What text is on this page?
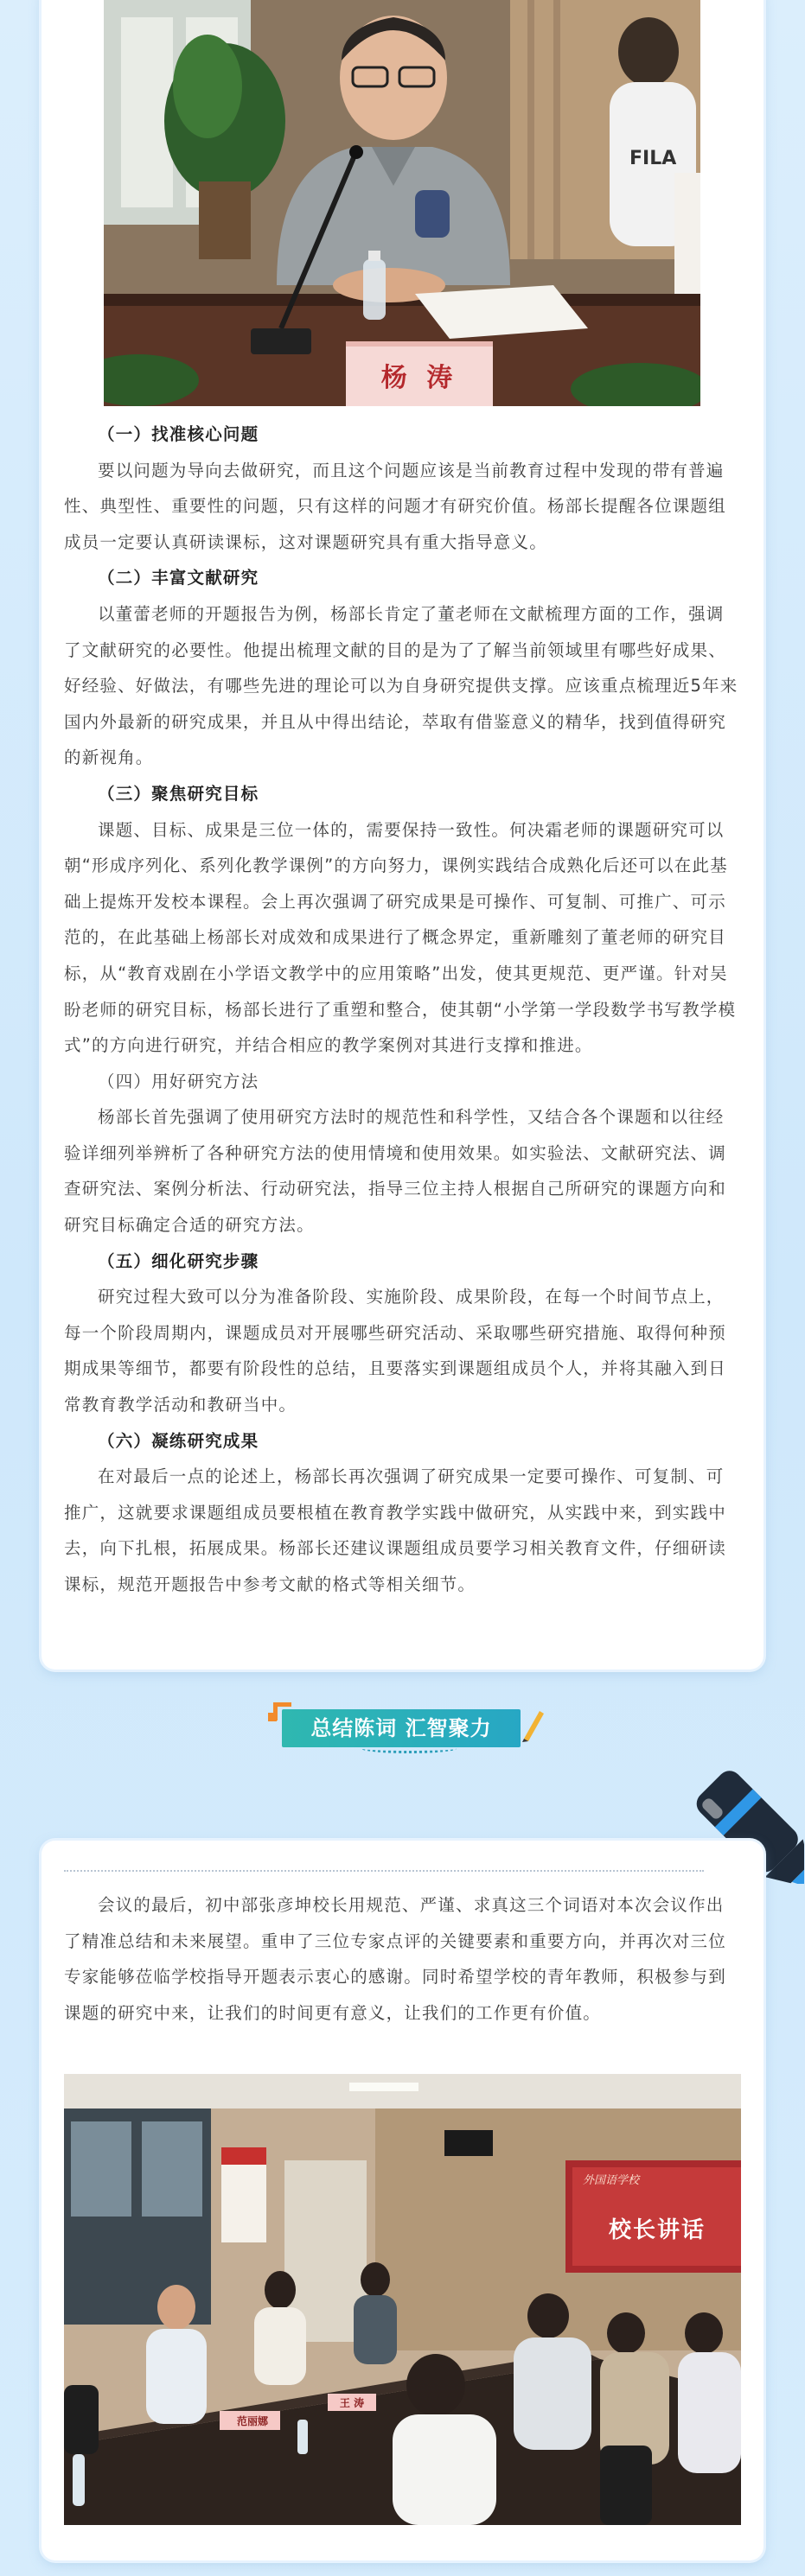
FILA
杨 涛

（一）找准核心问题

要以问题为导向去做研究，而且这个问题应该是当前教育过程中发现的带有普遍性、典型性、重要性的问题，只有这样的问题才有研究价值。杨部长提醒各位课题组成员一定要认真研读课标，这对课题研究具有重大指导意义。

（二）丰富文献研究

以董蕾老师的开题报告为例，杨部长肯定了董老师在文献梳理方面的工作，强调了文献研究的必要性。他提出梳理文献的目的是为了了解当前领域里有哪些好成果、好经验、好做法，有哪些先进的理论可以为自身研究提供支撑。应该重点梳理近5年来国内外最新的研究成果，并且从中得出结论，萃取有借鉴意义的精华，找到值得研究的新视角。

（三）聚焦研究目标

课题、目标、成果是三位一体的，需要保持一致性。何决霜老师的课题研究可以朝“形成序列化、系列化教学课例”的方向努力，课例实践结合成熟化后还可以在此基础上提炼开发校本课程。会上再次强调了研究成果是可操作、可复制、可推广、可示范的，在此基础上杨部长对成效和成果进行了概念界定，重新雕刻了董老师的研究目标，从“教育戏剧在小学语文教学中的应用策略”出发，使其更规范、更严谨。针对吴盼老师的研究目标，杨部长进行了重塑和整合，使其朝“小学第一学段数学书写教学模式”的方向进行研究，并结合相应的教学案例对其进行支撑和推进。

（四）用好研究方法

杨部长首先强调了使用研究方法时的规范性和科学性，又结合各个课题和以往经验详细列举辨析了各种研究方法的使用情境和使用效果。如实验法、文献研究法、调查研究法、案例分析法、行动研究法，指导三位主持人根据自己所研究的课题方向和研究目标确定合适的研究方法。

（五）细化研究步骤

研究过程大致可以分为准备阶段、实施阶段、成果阶段，在每一个时间节点上，每一个阶段周期内，课题成员对开展哪些研究活动、采取哪些研究措施、取得何种预期成果等细节，都要有阶段性的总结，且要落实到课题组成员个人，并将其融入到日常教育教学活动和教研当中。

（六）凝练研究成果

在对最后一点的论述上，杨部长再次强调了研究成果一定要可操作、可复制、可推广，这就要求课题组成员要根植在教育教学实践中做研究，从实践中来，到实践中去，向下扎根，拓展成果。杨部长还建议课题组成员要学习相关教育文件，仔细研读课标，规范开题报告中参考文献的格式等相关细节。

总结陈词 汇智聚力

会议的最后，初中部张彦坤校长用规范、严谨、求真这三个词语对本次会议作出了精准总结和未来展望。重申了三位专家点评的关键要素和重要方向，并再次对三位专家能够莅临学校指导开题表示衷心的感谢。同时希望学校的青年教师，积极参与到课题的研究中来，让我们的时间更有意义，让我们的工作更有价值。

外国语学校
校长讲话
范丽娜
王 涛
